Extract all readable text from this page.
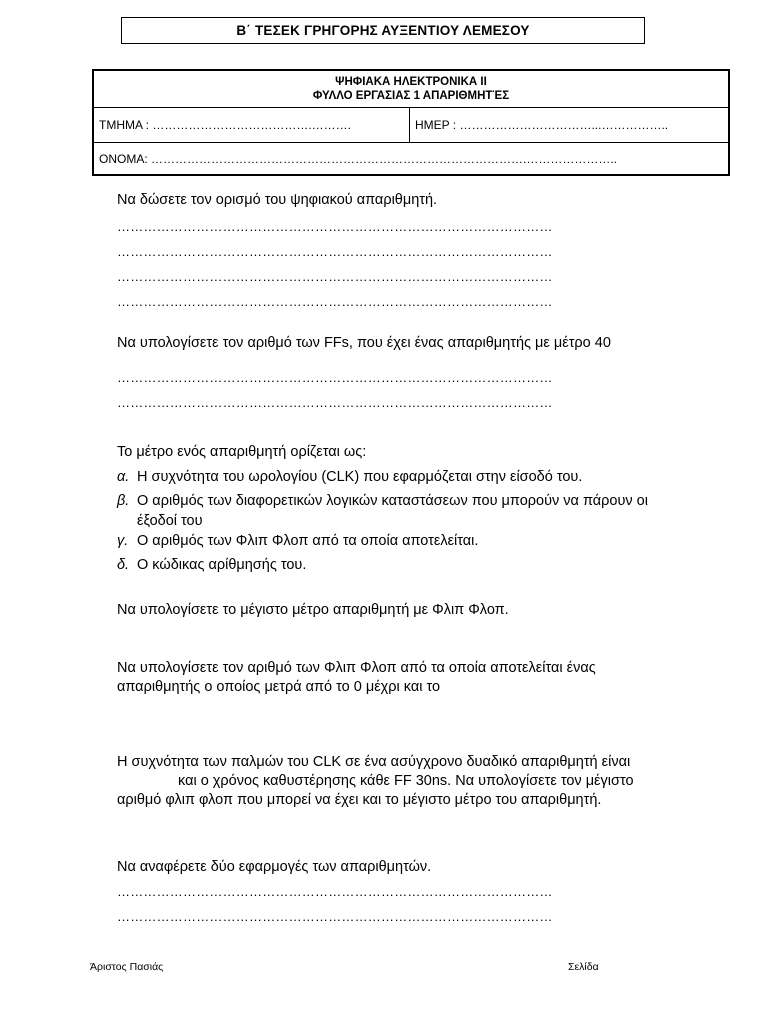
Β΄ ΤΕΣΕΚ ΓΡΗΓΟΡΗΣ ΑΥΞΕΝΤΙΟΥ ΛΕΜΕΣΟΥ
ΨΗΦΙΑΚΑ ΗΛΕΚΤΡΟΝΙΚΑ ΙΙ
ΦΥΛΛΟ ΕΡΓΑΣΙΑΣ 1 ΑΠΑΡΙΘΜΗΤΈΣ
ΤΜΗΜΑ : ………………………………….……….	ΗΜΕΡ : ……………………………...……………..
ΟΝΟΜΑ: ………………………………………………………………………………….…………………..
Να δώσετε τον ορισμό του ψηφιακού απαριθμητή.
………………………………………………………………………………………
………………………………………………………………………………………
………………………………………………………………………………………
………………………………………………………………………………………
Να υπολογίσετε τον αριθμό των FFs, που έχει ένας απαριθμητής με μέτρο 40
………………………………………………………………………………………
………………………………………………………………………………………
Το μέτρο ενός απαριθμητή ορίζεται ως:
α. Η συχνότητα του ωρολογίου (CLK) που εφαρμόζεται στην είσοδό του.
β. Ο αριθμός των διαφορετικών λογικών καταστάσεων που μπορούν να πάρουν οι
έξοδοί του
γ. Ο αριθμός των Φλιπ Φλοπ από τα οποία αποτελείται.
δ. Ο κώδικας αρίθμησής του.
Να υπολογίσετε το μέγιστο μέτρο απαριθμητή με Φλιπ Φλοπ.
Να υπολογίσετε τον αριθμό των Φλιπ Φλοπ από τα οποία αποτελείται ένας
απαριθμητής ο οποίος μετρά από το 0 μέχρι και το
Η συχνότητα των παλμών του CLK σε ένα ασύγχρονο δυαδικό απαριθμητή είναι
και ο χρόνος καθυστέρησης κάθε FF 30ns. Να υπολογίσετε τον μέγιστο
αριθμό φλιπ φλοπ που μπορεί να έχει και το μέγιστο μέτρο του απαριθμητή.
Να αναφέρετε δύο εφαρμογές των απαριθμητών.
………………………………………………………………………………………
………………………………………………………………………………………
Άριστος Πασιάς	Σελίδα
